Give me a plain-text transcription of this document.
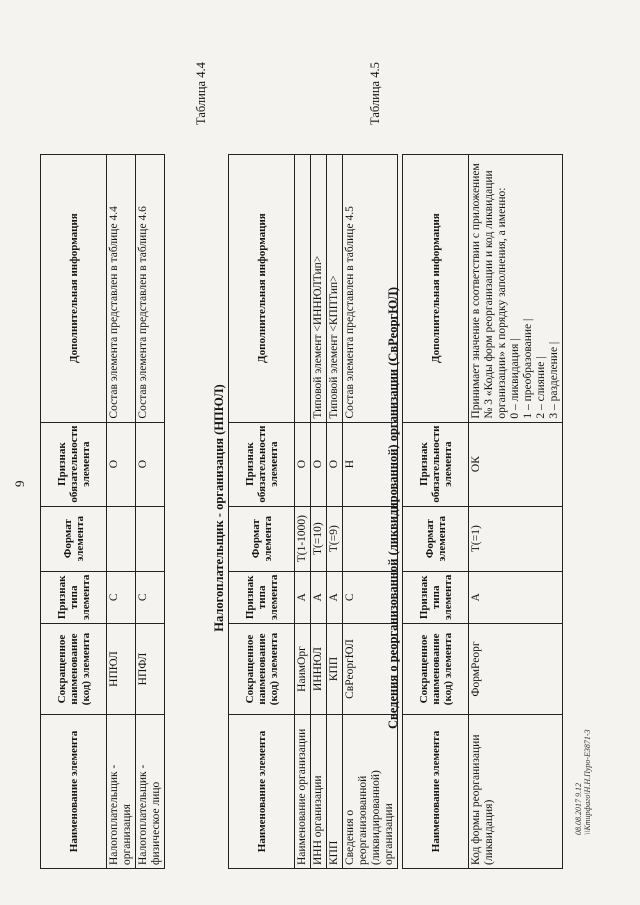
9
Наименование элемента	Сокращенное наименование (код) элемента	Признак типа элемента	Формат элемента	Признак обязательности элемента	Дополнительная информация
Налогоплательщик - организация	НПЮЛ	С		О	Состав элемента представлен в таблице 4.4
Налогоплательщик - физическое лицо	НПФЛ	С		О	Состав элемента представлен в таблице 4.6
Таблица 4.4
Налогоплательщик - организация (НПЮЛ)
Наименование элемента	Сокращенное наименование (код) элемента	Признак типа элемента	Формат элемента	Признак обязательности элемента	Дополнительная информация
Наименование организации	НаимОрг	А	T(1-1000)	О	
ИНН организации	ИННЮЛ	А	T(=10)	О	Типовой элемент <ИННЮЛТип>
КПП	КПП	А	T(=9)	О	Типовой элемент <КППТип>
Сведения о реорганизованной (ликвидированной) организации	СвРеоргЮЛ	С		Н	Состав элемента представлен в таблице 4.5
Таблица 4.5
Сведения о реорганизованной (ликвидированной) организации (СвРеоргЮЛ)
Наименование элемента	Сокращенное наименование (код) элемента	Признак типа элемента	Формат элемента	Признак обязательности элемента	Дополнительная информация
Код формы реорганизации (ликвидация)	ФормРеорг	А	T(=1)	ОК	Принимает значение в соответствии с приложением № 3 «Коды форм реорганизации и код ликвидации организации» к порядку заполнения, а именно: 0 – ликвидация | 1 – преобразование | 2 – слияние | 3 – разделение |
08.08.2017 9.12 \\Ктирфаго\Н.Н.Пуро-Е3871-3
